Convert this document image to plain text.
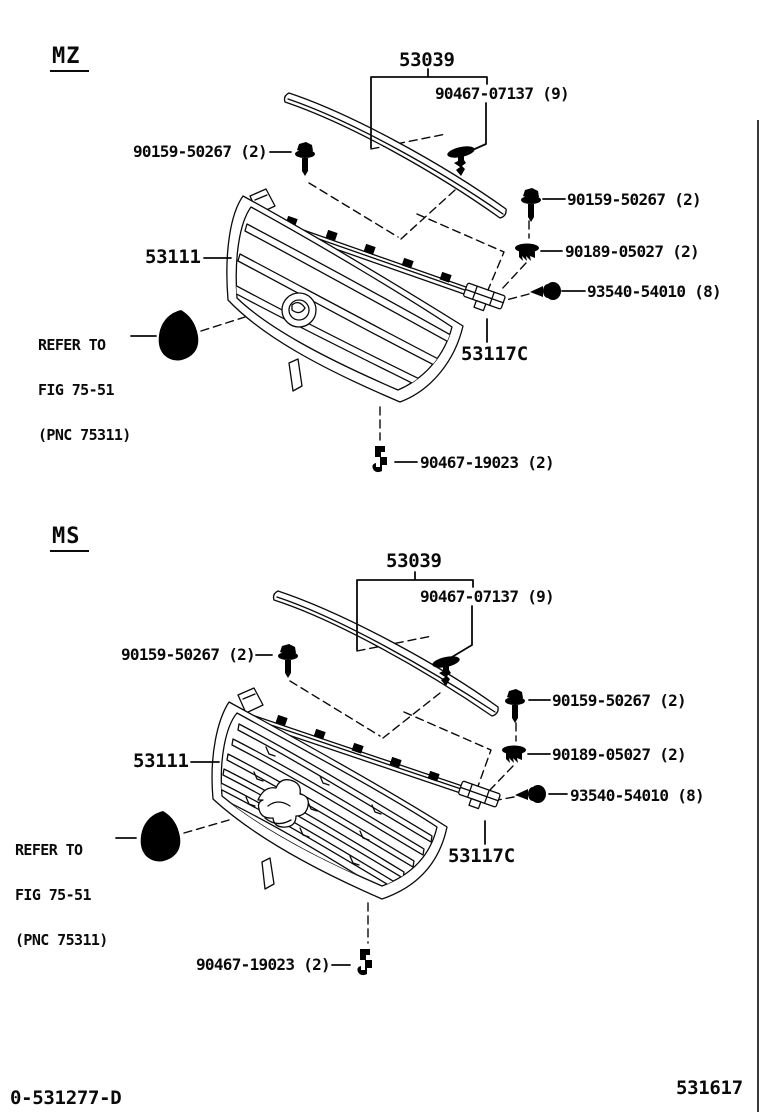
MZ	53039
90467-07137 (9)
90159-50267 (2)
90159-50267 (2)
90189-05027 (2)
93540-54010 (8)
53111

REFER TO

FIG 75-51

(PNC 75311)

53117C
90467-19023 (2)
MS
53039
90467-07137 (9)
90159-50267 (2)
90159-50267 (2)
90189-05027 (2)
93540-54010 (8)
53111

REFER TO

FIG 75-51

(PNC 75311)

53117C
90467-19023 (2)
0-531277-D	531617
